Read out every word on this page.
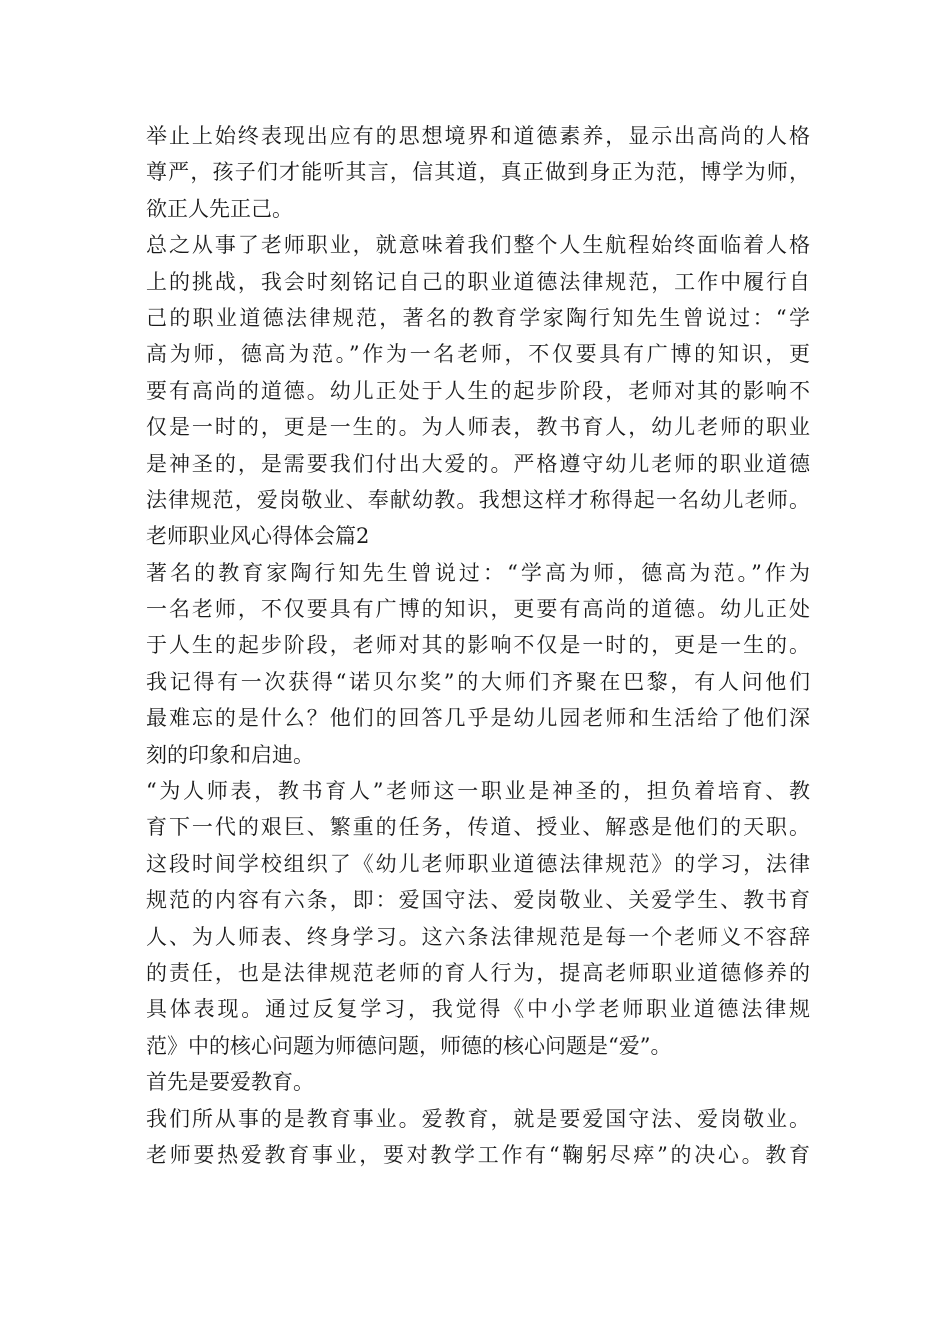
举止上始终表现出应有的思想境界和道德素养，显示出高尚的人格
尊严，孩子们才能听其言，信其道，真正做到身正为范，博学为师，
欲正人先正己。
总之从事了老师职业，就意味着我们整个人生航程始终面临着人格
上的挑战，我会时刻铭记自己的职业道德法律规范，工作中履行自
己的职业道德法律规范，著名的教育学家陶行知先生曾说过：“学
高为师，德高为范。”作为一名老师，不仅要具有广博的知识，更
要有高尚的道德。幼儿正处于人生的起步阶段，老师对其的影响不
仅是一时的，更是一生的。为人师表，教书育人，幼儿老师的职业
是神圣的，是需要我们付出大爱的。严格遵守幼儿老师的职业道德
法律规范，爱岗敬业、奉献幼教。我想这样才称得起一名幼儿老师。
老师职业风心得体会篇2
著名的教育家陶行知先生曾说过：“学高为师，德高为范。”作为
一名老师，不仅要具有广博的知识，更要有高尚的道德。幼儿正处
于人生的起步阶段，老师对其的影响不仅是一时的，更是一生的。
我记得有一次获得“诺贝尔奖”的大师们齐聚在巴黎，有人问他们
最难忘的是什么？他们的回答几乎是幼儿园老师和生活给了他们深
刻的印象和启迪。
“为人师表，教书育人”老师这一职业是神圣的，担负着培育、教
育下一代的艰巨、繁重的任务，传道、授业、解惑是他们的天职。
这段时间学校组织了《幼儿老师职业道德法律规范》的学习，法律
规范的内容有六条，即：爱国守法、爱岗敬业、关爱学生、教书育
人、为人师表、终身学习。这六条法律规范是每一个老师义不容辞
的责任，也是法律规范老师的育人行为，提高老师职业道德修养的
具体表现。通过反复学习，我觉得《中小学老师职业道德法律规
范》中的核心问题为师德问题，师德的核心问题是“爱”。
首先是要爱教育。
我们所从事的是教育事业。爱教育，就是要爱国守法、爱岗敬业。
老师要热爱教育事业，要对教学工作有“鞠躬尽瘁”的决心。教育
